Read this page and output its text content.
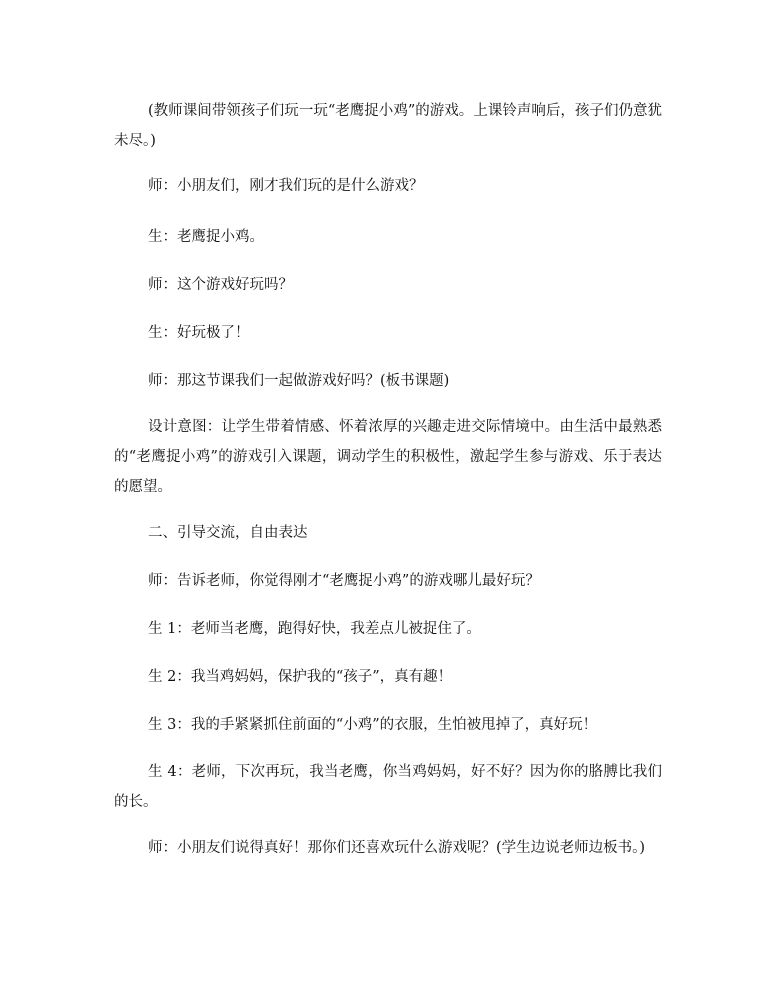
(教师课间带领孩子们玩一玩“老鹰捉小鸡”的游戏。上课铃声响后，孩子们仍意犹未尽。)

师：小朋友们，刚才我们玩的是什么游戏？

生：老鹰捉小鸡。

师：这个游戏好玩吗？

生：好玩极了！

师：那这节课我们一起做游戏好吗？(板书课题)

设计意图：让学生带着情感、怀着浓厚的兴趣走进交际情境中。由生活中最熟悉的“老鹰捉小鸡”的游戏引入课题，调动学生的积极性，激起学生参与游戏、乐于表达的愿望。

二、引导交流，自由表达

师：告诉老师，你觉得刚才“老鹰捉小鸡”的游戏哪儿最好玩？

生 1：老师当老鹰，跑得好快，我差点儿被捉住了。

生 2：我当鸡妈妈，保护我的“孩子”，真有趣！

生 3：我的手紧紧抓住前面的“小鸡”的衣服，生怕被甩掉了，真好玩！

生 4：老师，下次再玩，我当老鹰，你当鸡妈妈，好不好？因为你的胳膊比我们的长。

师：小朋友们说得真好！那你们还喜欢玩什么游戏呢？(学生边说老师边板书。)
